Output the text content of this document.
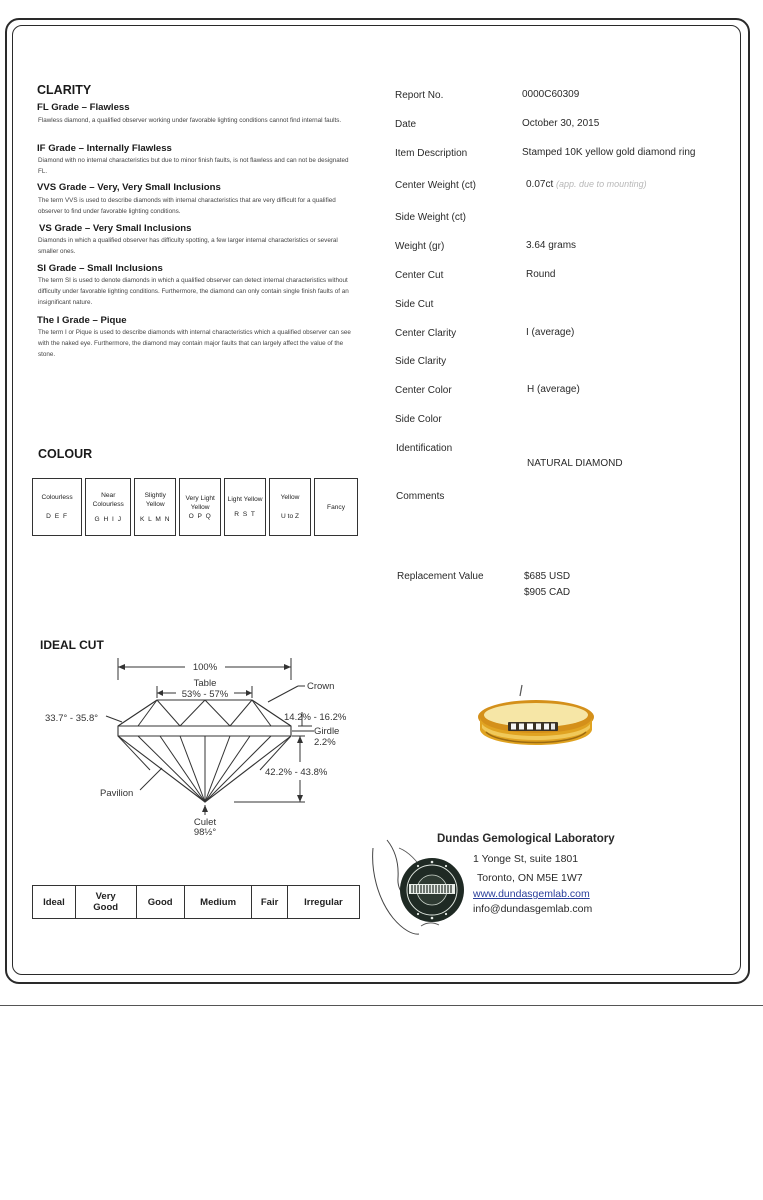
CLARITY
FL Grade – Flawless
Flawless diamond, a qualified observer working under favorable lighting conditions cannot find internal faults.
IF Grade – Internally Flawless
Diamond with no internal characteristics but due to minor finish faults, is not flawless and can not be designated FL.
VVS Grade – Very, Very Small Inclusions
The term VVS is used to describe diamonds with internal characteristics that are very difficult for a qualified observer to find under favorable lighting conditions.
VS Grade – Very Small Inclusions
Diamonds in which a qualified observer has difficulty spotting, a few larger internal characteristics or several smaller ones.
SI Grade – Small Inclusions
The term SI is used to denote diamonds in which a qualified observer can detect internal characteristics without difficulty under favorable lighting conditions. Furthermore, the diamond can only contain single finish faults of an insignificant nature.
The I Grade – Pique
The term I or Pique is used to describe diamonds with internal characteristics which a qualified observer can see with the naked eye. Furthermore, the diamond may contain major faults that can largely affect the value of the stone.
COLOUR
Colourless
D E F

Near Colourless
G H I J

Slightly Yellow
K L M N

Very Light Yellow
O P Q

Light Yellow
R S T

Yellow
U to Z

Fancy
IDEAL CUT
100%
Table
53% - 57%
Crown
33.7° - 35.8°	14.2% - 16.2%
Girdle
2.2%
42.2% - 43.8%
Pavilion
Culet
98½°
Ideal	Very Good	Good	Medium	Fair	Irregular
Report No.	0000C60309
Date	October 30, 2015
Item Description	Stamped 10K yellow gold diamond ring
Center Weight (ct)	0.07ct (app. due to mounting)
Side Weight (ct)
Weight (gr)	3.64 grams
Center Cut	Round
Side Cut
Center Clarity	I (average)
Side Clarity
Center Color	H (average)
Side Color
Identification
NATURAL DIAMOND
Comments
Replacement Value	$685 USD
$905 CAD
Dundas Gemological Laboratory
1 Yonge St, suite 1801
Toronto, ON M5E 1W7
www.dundasgemlab.com
info@dundasgemlab.com
